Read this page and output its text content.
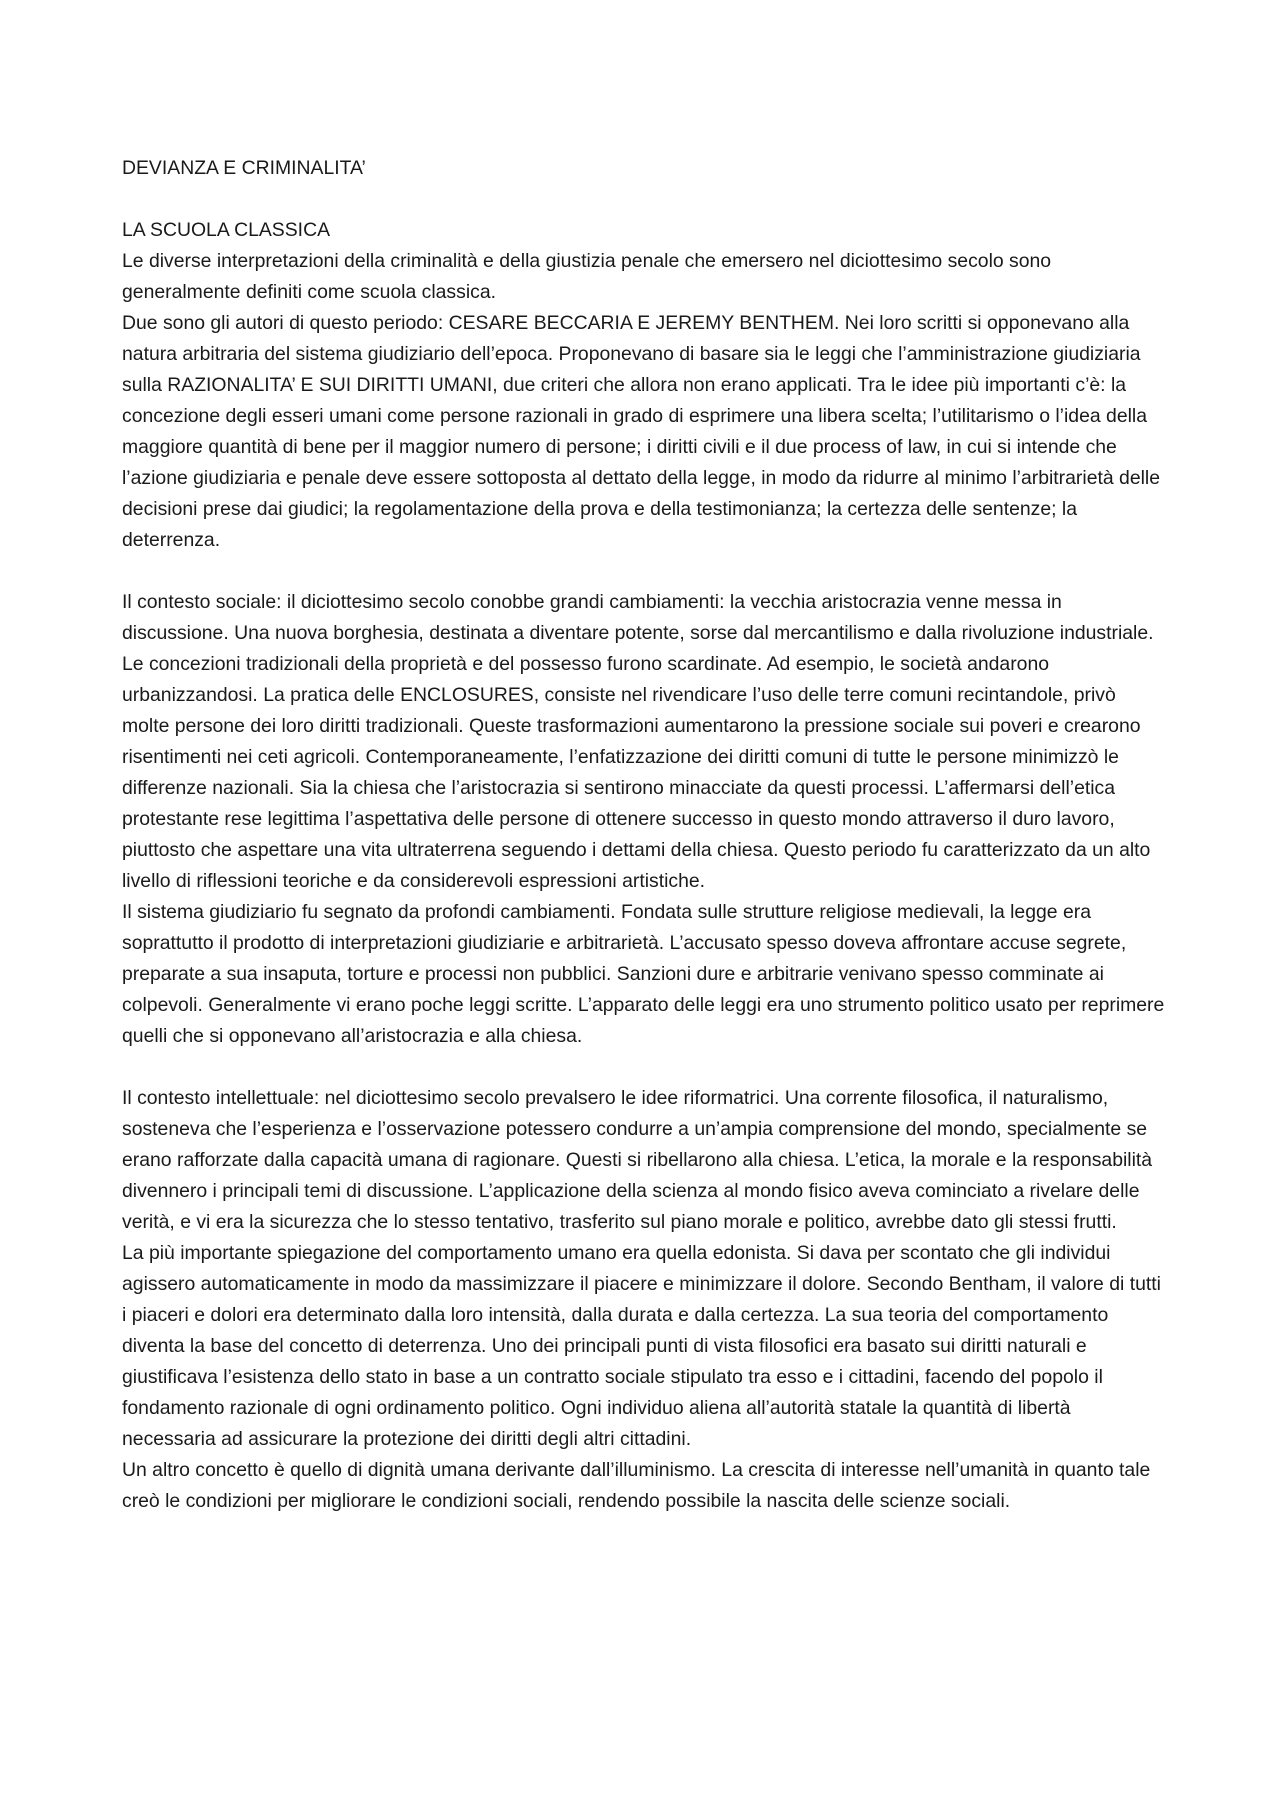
DEVIANZA E CRIMINALITA’

LA SCUOLA CLASSICA

Le diverse interpretazioni della criminalità e della giustizia penale che emersero nel diciottesimo secolo sono generalmente definiti come scuola classica.

Due sono gli autori di questo periodo: CESARE BECCARIA E JEREMY BENTHEM. Nei loro scritti si opponevano alla natura arbitraria del sistema giudiziario dell’epoca. Proponevano di basare sia le leggi che l’amministrazione giudiziaria sulla RAZIONALITA’ E SUI DIRITTI UMANI, due criteri che allora non erano applicati. Tra le idee più importanti c’è: la concezione degli esseri umani come persone razionali in grado di esprimere una libera scelta; l’utilitarismo o l’idea della maggiore quantità di bene per il maggior numero di persone; i diritti civili e il due process of law, in cui si intende che l’azione giudiziaria e penale deve essere sottoposta al dettato della legge, in modo da ridurre al minimo l’arbitrarietà delle decisioni prese dai giudici; la regolamentazione della prova e della testimonianza; la certezza delle sentenze; la deterrenza.

Il contesto sociale: il diciottesimo secolo conobbe grandi cambiamenti: la vecchia aristocrazia venne messa in discussione. Una nuova borghesia, destinata a diventare potente, sorse dal mercantilismo e dalla rivoluzione industriale. Le concezioni tradizionali della proprietà e del possesso furono scardinate. Ad esempio, le società andarono urbanizzandosi. La pratica delle ENCLOSURES, consiste nel rivendicare l’uso delle terre comuni recintandole, privò molte persone dei loro diritti tradizionali. Queste trasformazioni aumentarono la pressione sociale sui poveri e crearono risentimenti nei ceti agricoli. Contemporaneamente, l’enfatizzazione dei diritti comuni di tutte le persone minimizzò le differenze nazionali. Sia la chiesa che l’aristocrazia si sentirono minacciate da questi processi. L’affermarsi dell’etica protestante rese legittima l’aspettativa delle persone di ottenere successo in questo mondo attraverso il duro lavoro, piuttosto che aspettare una vita ultraterrena seguendo i dettami della chiesa. Questo periodo fu caratterizzato da un alto livello di riflessioni teoriche e da considerevoli espressioni artistiche.

Il sistema giudiziario fu segnato da profondi cambiamenti. Fondata sulle strutture religiose medievali, la legge era soprattutto il prodotto di interpretazioni giudiziarie e arbitrarietà. L’accusato spesso doveva affrontare accuse segrete, preparate a sua insaputa, torture e processi non pubblici. Sanzioni dure e arbitrarie venivano spesso comminate ai colpevoli. Generalmente vi erano poche leggi scritte. L’apparato delle leggi era uno strumento politico usato per reprimere quelli che si opponevano all’aristocrazia e alla chiesa.

Il contesto intellettuale: nel diciottesimo secolo prevalsero le idee riformatrici. Una corrente filosofica, il naturalismo, sosteneva che l’esperienza e l’osservazione potessero condurre a un’ampia comprensione del mondo, specialmente se erano rafforzate dalla capacità umana di ragionare. Questi si ribellarono alla chiesa. L’etica, la morale e la responsabilità divennero i principali temi di discussione. L’applicazione della scienza al mondo fisico aveva cominciato a rivelare delle verità, e vi era la sicurezza che lo stesso tentativo, trasferito sul piano morale e politico, avrebbe dato gli stessi frutti.

La più importante spiegazione del comportamento umano era quella edonista. Si dava per scontato che gli individui agissero automaticamente in modo da massimizzare il piacere e minimizzare il dolore. Secondo Bentham, il valore di tutti i piaceri e dolori era determinato dalla loro intensità, dalla durata e dalla certezza. La sua teoria del comportamento diventa la base del concetto di deterrenza. Uno dei principali punti di vista filosofici era basato sui diritti naturali e giustificava l’esistenza dello stato in base a un contratto sociale stipulato tra esso e i cittadini, facendo del popolo il fondamento razionale di ogni ordinamento politico. Ogni individuo aliena all’autorità statale la quantità di libertà necessaria ad assicurare la protezione dei diritti degli altri cittadini.

Un altro concetto è quello di dignità umana derivante dall’illuminismo. La crescita di interesse nell’umanità in quanto tale creò le condizioni per migliorare le condizioni sociali, rendendo possibile la nascita delle scienze sociali.
